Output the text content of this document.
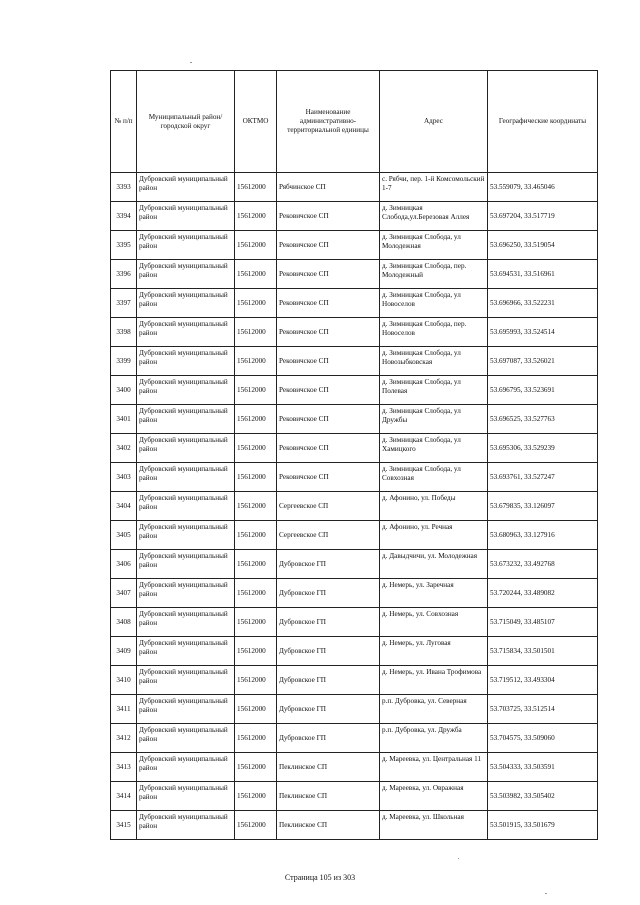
№ п/п	Муниципальный район/городской округ	ОКТМО	Наименование административно-территориальной единицы	Адрес	Географические координаты
3393	Дубровский муниципальный район	15612000	Рябчинское СП	с. Рябчи, пер. 1-й Комсомольский 1-7	53.559079, 33.465046
3394	Дубровский муниципальный район	15612000	Рековичское СП	д. Зимницкая Слобода,ул.Березовая Аллея	53.697204, 33.517719
3395	Дубровский муниципальный район	15612000	Рековичское СП	д. Зимницкая Слобода, ул Молодежная	53.696250, 33.519054
3396	Дубровский муниципальный район	15612000	Рековичское СП	д. Зимницкая Слобода, пер. Молодежный	53.694531, 33.516961
3397	Дубровский муниципальный район	15612000	Рековичское СП	д. Зимницкая Слобода, ул Новоселов	53.696966, 33.522231
3398	Дубровский муниципальный район	15612000	Рековичское СП	д. Зимницкая Слобода, пер. Новоселов	53.695993, 33.524514
3399	Дубровский муниципальный район	15612000	Рековичское СП	д. Зимницкая Слобода, ул Новозыбковская	53.697087, 33.526021
3400	Дубровский муниципальный район	15612000	Рековичское СП	д. Зимницкая Слобода, ул Полевая	53.696795, 33.523691
3401	Дубровский муниципальный район	15612000	Рековичское СП	д. Зимницкая Слобода, ул Дружбы	53.696525, 33.527763
3402	Дубровский муниципальный район	15612000	Рековичское СП	д. Зимницкая Слобода, ул Хамицкого	53.695306, 33.529239
3403	Дубровский муниципальный район	15612000	Рековичское СП	д. Зимницкая Слобода, ул Совхозная	53.693761, 33.527247
3404	Дубровский муниципальный район	15612000	Сергеевское СП	д. Афонино, ул. Победы	53.679835, 33.126097
3405	Дубровский муниципальный район	15612000	Сергеевское СП	д. Афонино, ул. Речная	53.680963, 33.127916
3406	Дубровский муниципальный район	15612000	Дубровское ГП	д. Давыдчичи, ул. Молодежная	53.673232, 33.492768
3407	Дубровский муниципальный район	15612000	Дубровское ГП	д. Немерь, ул. Заречная	53.720244, 33.489082
3408	Дубровский муниципальный район	15612000	Дубровское ГП	д. Немерь, ул. Совхозная	53.715049, 33.485107
3409	Дубровский муниципальный район	15612000	Дубровское ГП	д. Немерь, ул. Луговая	53.715834, 33.501501
3410	Дубровский муниципальный район	15612000	Дубровское ГП	д. Немерь, ул. Ивана Трофимова	53.719512, 33.493304
3411	Дубровский муниципальный район	15612000	Дубровское ГП	р.п. Дубровка, ул. Северная	53.703725, 33.512514
3412	Дубровский муниципальный район	15612000	Дубровское ГП	р.п. Дубровка, ул. Дружба	53.704575, 33.509060
3413	Дубровский муниципальный район	15612000	Пеклинское СП	д. Мареевка, ул. Центральная 11	53.504333, 33.503591
3414	Дубровский муниципальный район	15612000	Пеклинское СП	д. Мареевка, ул. Овражная	53.503982, 33.505402
3415	Дубровский муниципальный район	15612000	Пеклинское СП	д. Мареевка, ул. Школьная	53.501915, 33.501679
Страница 105 из 303
